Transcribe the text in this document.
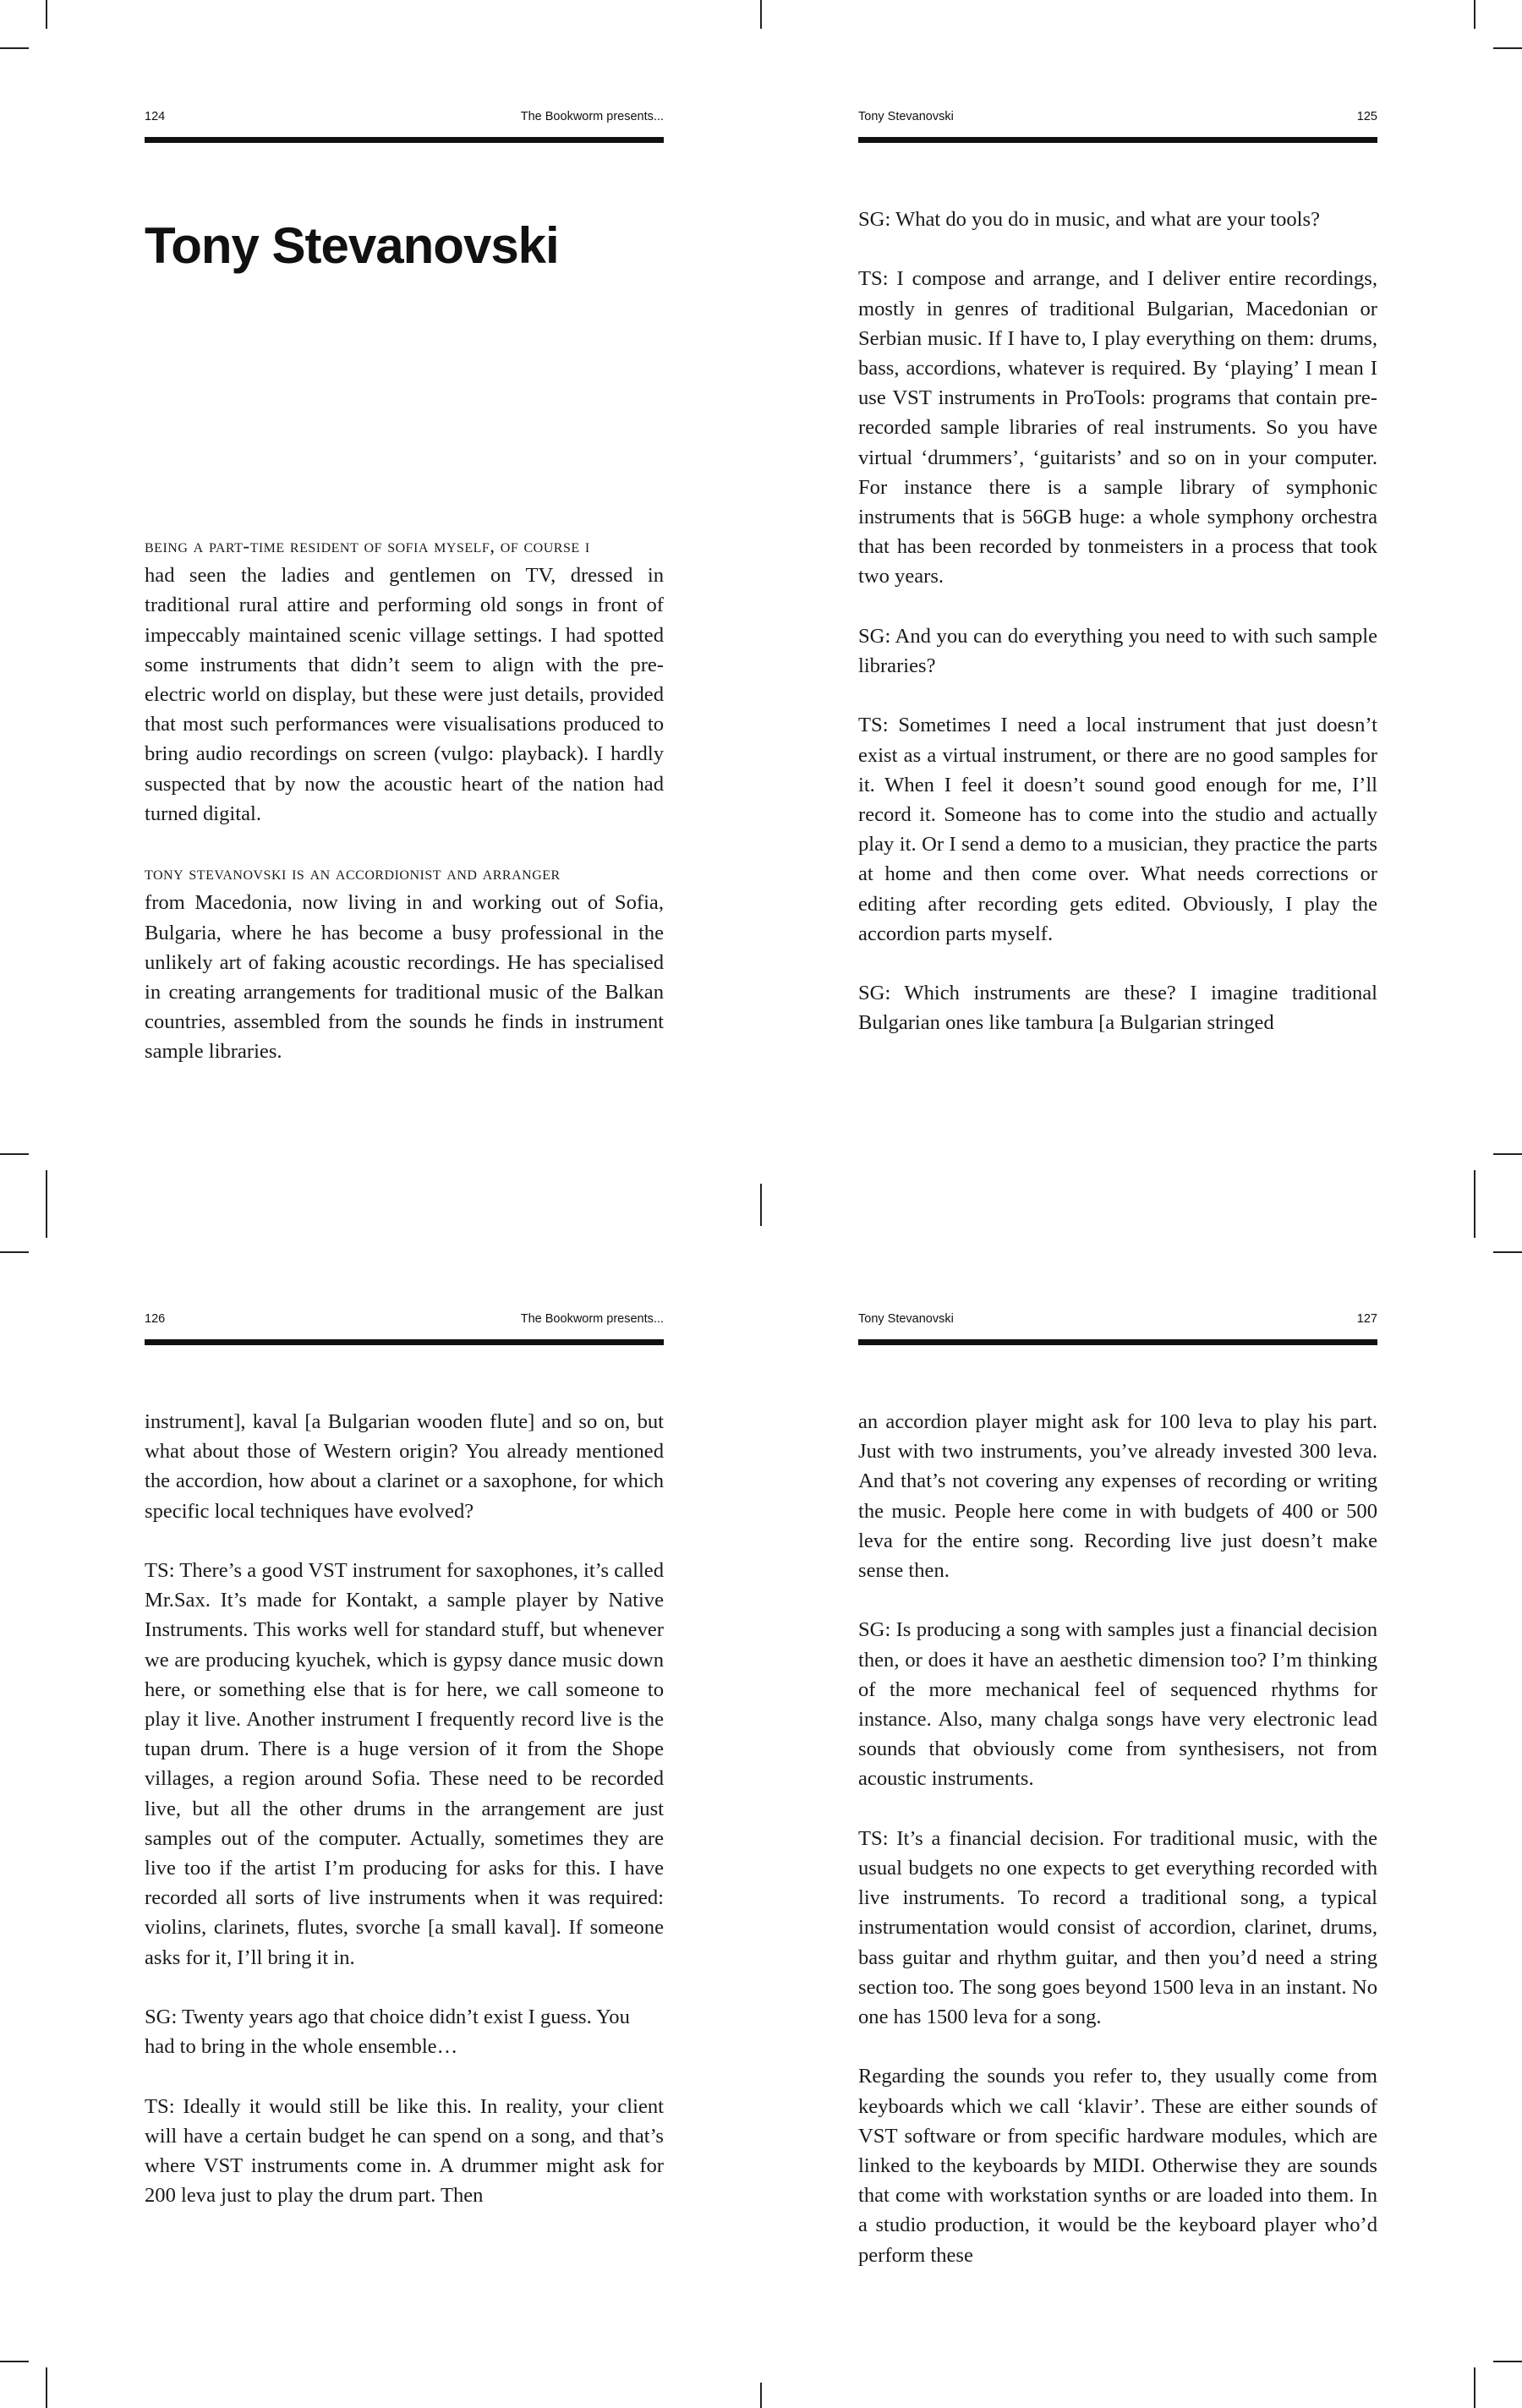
124	The Bookworm presents...
Tony Stevanovski

being a part-time resident of sofia myself, of course i
had seen the ladies and gentlemen on TV, dressed in traditional rural attire and performing old songs in front of impeccably maintained scenic village settings. I had spotted some instruments that didn’t seem to align with the pre-electric world on display, but these were just details, provided that most such performances were visualisations produced to bring audio recordings on screen (vulgo: playback). I hardly suspected that by now the acoustic heart of the nation had turned digital.

tony stevanovski is an accordionist and arranger
from Macedonia, now living in and working out of Sofia, Bulgaria, where he has become a busy professional in the unlikely art of faking acoustic recordings. He has specialised in creating arrangements for traditional music of the Balkan countries, assembled from the sounds he finds in instrument sample libraries.

Tony Stevanovski	125

SG: What do you do in music, and what are your tools?

TS: I compose and arrange, and I deliver entire recordings, mostly in genres of traditional Bulgarian, Macedonian or Serbian music. If I have to, I play everything on them: drums, bass, accordions, whatever is required. By ‘playing’ I mean I use VST instruments in ProTools: programs that contain pre-recorded sample libraries of real instruments. So you have virtual ‘drummers’, ‘guitarists’ and so on in your computer. For instance there is a sample library of symphonic instruments that is 56GB huge: a whole symphony orchestra that has been recorded by tonmeisters in a process that took two years.

SG: And you can do everything you need to with such sample libraries?

TS: Sometimes I need a local instrument that just doesn’t exist as a virtual instrument, or there are no good samples for it. When I feel it doesn’t sound good enough for me, I’ll record it. Someone has to come into the studio and actually play it. Or I send a demo to a musician, they practice the parts at home and then come over. What needs corrections or editing after recording gets edited. Obviously, I play the accordion parts myself.

SG: Which instruments are these? I imagine traditional Bulgarian ones like tambura [a Bulgarian stringed

126	The Bookworm presents...

instrument], kaval [a Bulgarian wooden flute] and so on, but what about those of Western origin? You already mentioned the accordion, how about a clarinet or a saxophone, for which specific local techniques have evolved?

TS: There’s a good VST instrument for saxophones, it’s called Mr.Sax. It’s made for Kontakt, a sample player by Native Instruments. This works well for standard stuff, but whenever we are producing kyuchek, which is gypsy dance music down here, or something else that is for here, we call someone to play it live. Another instrument I frequently record live is the tupan drum. There is a huge version of it from the Shope villages, a region around Sofia. These need to be recorded live, but all the other drums in the arrangement are just samples out of the computer. Actually, sometimes they are live too if the artist I’m producing for asks for this. I have recorded all sorts of live instruments when it was required: violins, clarinets, flutes, svorche [a small kaval]. If someone asks for it, I’ll bring it in.

SG: Twenty years ago that choice didn’t exist I guess. You had to bring in the whole ensemble…

TS: Ideally it would still be like this. In reality, your client will have a certain budget he can spend on a song, and that’s where VST instruments come in. A drummer might ask for 200 leva just to play the drum part. Then

Tony Stevanovski	127

an accordion player might ask for 100 leva to play his part. Just with two instruments, you’ve already invested 300 leva. And that’s not covering any expenses of recording or writing the music. People here come in with budgets of 400 or 500 leva for the entire song. Recording live just doesn’t make sense then.

SG: Is producing a song with samples just a financial decision then, or does it have an aesthetic dimension too? I’m thinking of the more mechanical feel of sequenced rhythms for instance. Also, many chalga songs have very electronic lead sounds that obviously come from synthesisers, not from acoustic instruments.

TS: It’s a financial decision. For traditional music, with the usual budgets no one expects to get everything recorded with live instruments. To record a traditional song, a typical instrumentation would consist of accordion, clarinet, drums, bass guitar and rhythm guitar, and then you’d need a string section too. The song goes beyond 1500 leva in an instant. No one has 1500 leva for a song.

Regarding the sounds you refer to, they usually come from keyboards which we call ‘klavir’. These are either sounds of VST software or from specific hardware modules, which are linked to the keyboards by MIDI. Otherwise they are sounds that come with workstation synths or are loaded into them. In a studio production, it would be the keyboard player who’d perform these
